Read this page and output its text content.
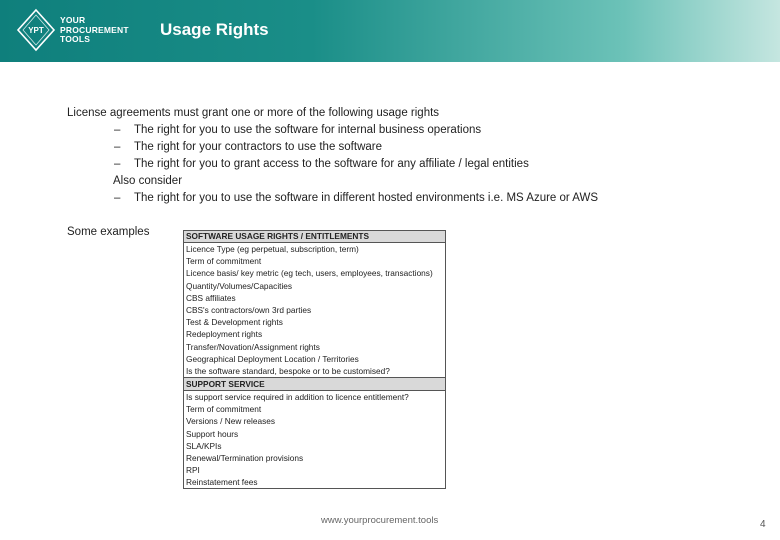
YPT
YOUR
PROCUREMENT
TOOLS	Usage Rights
License agreements must grant one or more of the following usage rights
– The right for you to use the software for internal business operations
– The right for your contractors to use the software
– The right for you to grant access to the software for any affiliate / legal entities
Also consider
– The right for you to use the software in different hosted environments i.e. MS Azure or AWS
Some examples	SOFTWARE USAGE RIGHTS / ENTITLEMENTS
Licence Type (eg perpetual, subscription, term)
Term of commitment
Licence basis/ key metric (eg tech, users, employees, transactions)
Quantity/Volumes/Capacities
CBS affiliates
CBS's contractors/own 3rd parties
Test & Development rights
Redeployment rights
Transfer/Novation/Assignment rights
Geographical Deployment Location / Territories
Is the software standard, bespoke or to be customised?
SUPPORT SERVICE
Is support service required in addition to licence entitlement?
Term of commitment
Versions / New releases
Support hours
SLA/KPIs
Renewal/Termination provisions
RPI
Reinstatement fees
www.yourprocurement.tools	4
